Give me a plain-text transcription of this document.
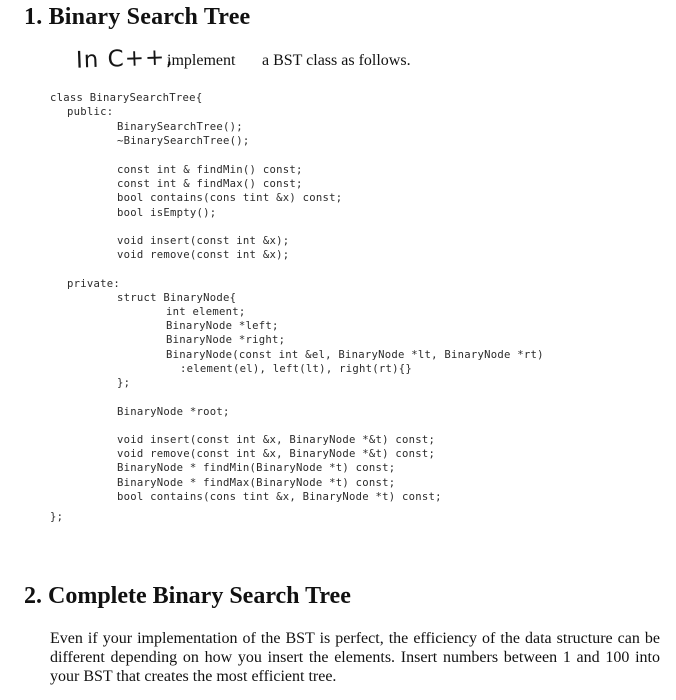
1. Binary Search Tree
In C++,
implement a BST class as follows.
class BinarySearchTree{
public:
BinarySearchTree();
~BinarySearchTree();
const int & findMin() const;
const int & findMax() const;
bool contains(cons tint &x) const;
bool isEmpty();
void insert(const int &x);
void remove(const int &x);
private:
struct BinaryNode{
int element;
BinaryNode *left;
BinaryNode *right;
BinaryNode(const int &el, BinaryNode *lt, BinaryNode *rt)
:element(el), left(lt), right(rt){}
};
BinaryNode *root;
void insert(const int &x, BinaryNode *&t) const;
void remove(const int &x, BinaryNode *&t) const;
BinaryNode * findMin(BinaryNode *t) const;
BinaryNode * findMax(BinaryNode *t) const;
bool contains(cons tint &x, BinaryNode *t) const;
};
2. Complete Binary Search Tree

Even if your implementation of the BST is perfect, the efficiency of the data structure can be different depending on how you insert the elements. Insert numbers between 1 and 100 into your BST that creates the most efficient tree.
